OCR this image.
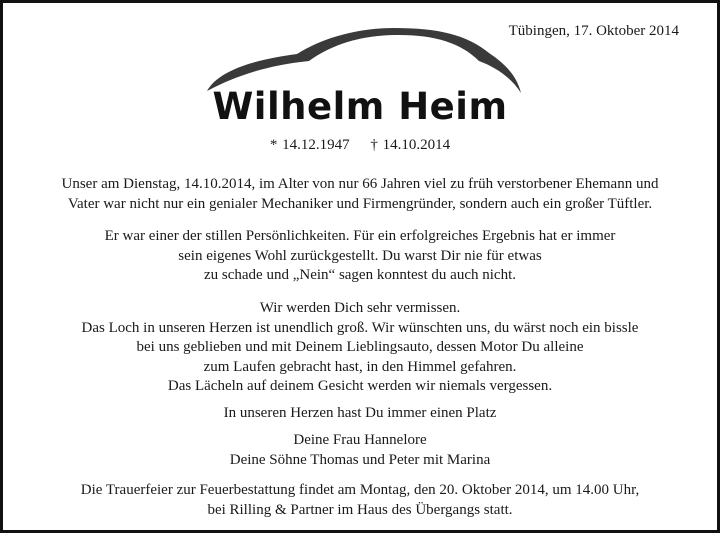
Tübingen, 17. Oktober 2014
Wilhelm Heim
* 14.12.1947 † 14.10.2014
Unser am Dienstag, 14.10.2014, im Alter von nur 66 Jahren viel zu früh verstorbener Ehemann und
Vater war nicht nur ein genialer Mechaniker und Firmengründer, sondern auch ein großer Tüftler.
Er war einer der stillen Persönlichkeiten. Für ein erfolgreiches Ergebnis hat er immer
sein eigenes Wohl zurückgestellt. Du warst Dir nie für etwas
zu schade und „Nein“ sagen konntest du auch nicht.
Wir werden Dich sehr vermissen.
Das Loch in unseren Herzen ist unendlich groß. Wir wünschten uns, du wärst noch ein bissle
bei uns geblieben und mit Deinem Lieblingsauto, dessen Motor Du alleine
zum Laufen gebracht hast, in den Himmel gefahren.
Das Lächeln auf deinem Gesicht werden wir niemals vergessen.
In unseren Herzen hast Du immer einen Platz
Deine Frau Hannelore
Deine Söhne Thomas und Peter mit Marina
Die Trauerfeier zur Feuerbestattung findet am Montag, den 20. Oktober 2014, um 14.00 Uhr,
bei Rilling & Partner im Haus des Übergangs statt.
